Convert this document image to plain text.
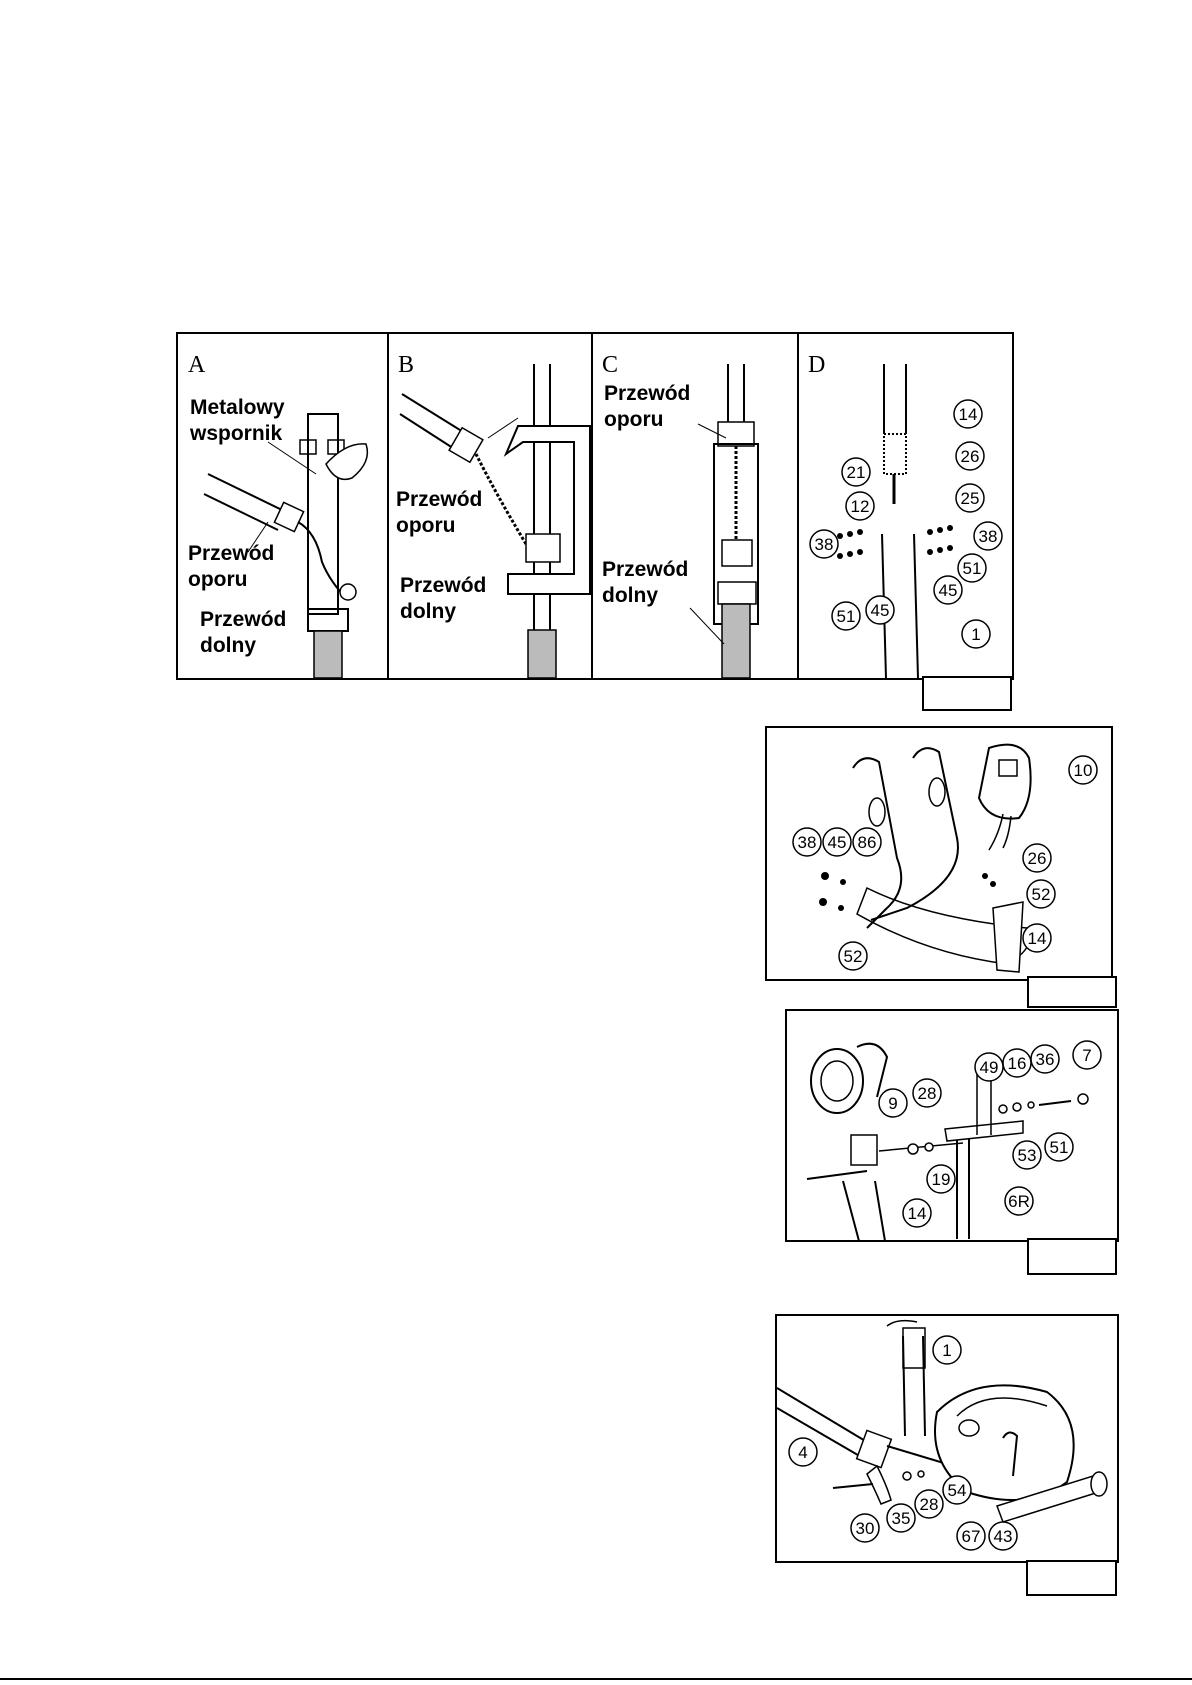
A
Metalowy
wspornik
Przewód
oporu
Przewód
dolny
B
Przewód
oporu
Przewód
dolny
C
Przewód
oporu
Przewód
dolny
D
14
21
26
12	25
38	38
51
45
51 45
1
10
38 45 86
26
52
14
52
49 16 36 7
9
28
53 51
19
6R
14
1
4
54
30
35
28
67 43
